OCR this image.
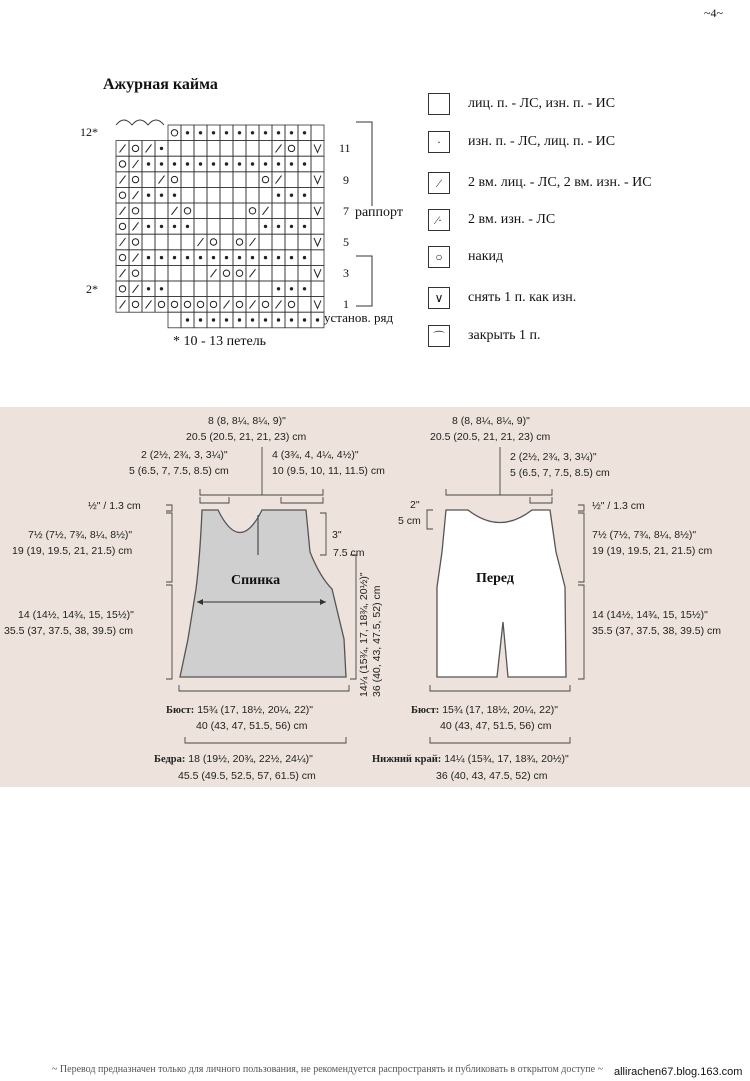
~4~
Ажурная кайма
12*
2*
11
9
7
5
3
1
раппорт
установ. ряд
* 10 - 13 петель
лиц. п. - ЛС, изн. п. - ИС
·	изн. п. - ЛС, лиц. п. - ИС
⁄	2 вм. лиц. - ЛС, 2 вм. изн. - ИС
⁄·	2 вм. изн. - ЛС
○	накид
∨	снять 1 п. как изн.
⌒	закрыть 1 п.
8 (8, 8¼, 8¼, 9)"
20.5 (20.5, 21, 21, 23) cm
2 (2½, 2¾, 3, 3¼)"
5 (6.5, 7, 7.5, 8.5) cm
4 (3¾, 4, 4¼, 4½)"
10 (9.5, 10, 11, 11.5) cm
½" / 1.3 cm
7½ (7½, 7¾, 8¼, 8½)"
19 (19, 19.5, 21, 21.5) cm
3"
7.5 cm
14 (14½, 14¾, 15, 15½)"
35.5 (37, 37.5, 38, 39.5) cm	14¼ (15¾, 17, 18¾, 20½)" 36 (40, 43, 47.5, 52) cm
Спинка
Бюст: 15¾ (17, 18½, 20¼, 22)"
40 (43, 47, 51.5, 56) cm
Бедра: 18 (19½, 20¾, 22½, 24¼)"
45.5 (49.5, 52.5, 57, 61.5) cm
8 (8, 8¼, 8¼, 9)"
20.5 (20.5, 21, 21, 23) cm
2 (2½, 2¾, 3, 3¼)"
5 (6.5, 7, 7.5, 8.5) cm
2"
5 cm
½" / 1.3 cm
7½ (7½, 7¾, 8¼, 8½)"
19 (19, 19.5, 21, 21.5) cm
14 (14½, 14¾, 15, 15½)"
35.5 (37, 37.5, 38, 39.5) cm
Перед
Бюст: 15¾ (17, 18½, 20¼, 22)"
40 (43, 47, 51.5, 56) cm
Нижний край: 14¼ (15¾, 17, 18¾, 20½)"
36 (40, 43, 47.5, 52) cm
~ Перевод предназначен только для личного пользования, не рекомендуется распространять и публиковать в открытом доступе ~ allirachen67.blog.163.com
